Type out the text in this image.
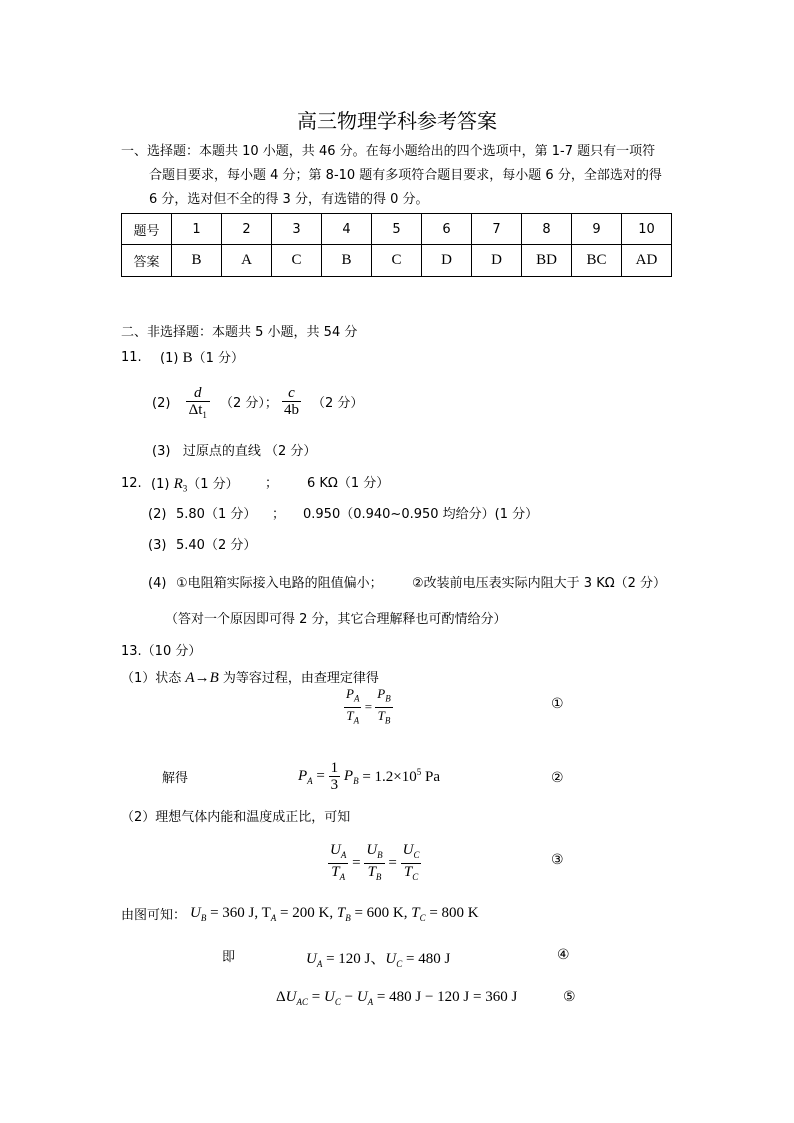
高三物理学科参考答案
一、选择题：本题共 10 小题，共 46 分。在每小题给出的四个选项中，第 1-7 题只有一项符
合题目要求，每小题 4 分；第 8-10 题有多项符合题目要求，每小题 6 分，全部选对的得
6 分，选对但不全的得 3 分，有选错的得 0 分。
题号	1	2	3	4	5	6	7	8	9	10
答案	B	A	C	B	C	D	D	BD	BC	AD
二、非选择题：本题共 5 小题，共 54 分
11. (1) B（1 分）
$(2) \frac{d}{\Delta t_1} (2$ 分）； $\frac{c}{4b} (2$ 分）
(3) 过原点的直线 （2 分）
12. (1) $R_3(1$ 分） ； 6 KΩ（1 分）
(2) 5.80（1 分） ； 0.950（0.940~0.950 均给分）(1 分）
(3) 5.40（2 分）
(4) ①电阻箱实际接入电路的阻值偏小； ②改装前电压表实际内阻大于 3 KΩ（2 分）
（答对一个原因即可得 2 分，其它合理解释也可酌情给分）
13.（10 分）
（1）状态 A→B 为等容过程，由查理定律得
$\frac{P_A}{T_A} = \frac{P_B}{T_B}$	①
解得	$P_A = \frac{1}{3} P_B = 1.2\times 10^5$ Pa	②
（2）理想气体内能和温度成正比，可知
$\frac{U_A}{T_A} = \frac{U_B}{T_B} = \frac{U_C}{T_C}$	③
由图可知： $U_B = 360$ J, $T_A = 200$ K, $T_B = 600$ K, $T_C = 800$ K
即	$U_A = 120$ J、$U_C = 480$ J	④
$\Delta U_{AC} = U_C - U_A = 480$ J − 120 J = 360 J	⑤
